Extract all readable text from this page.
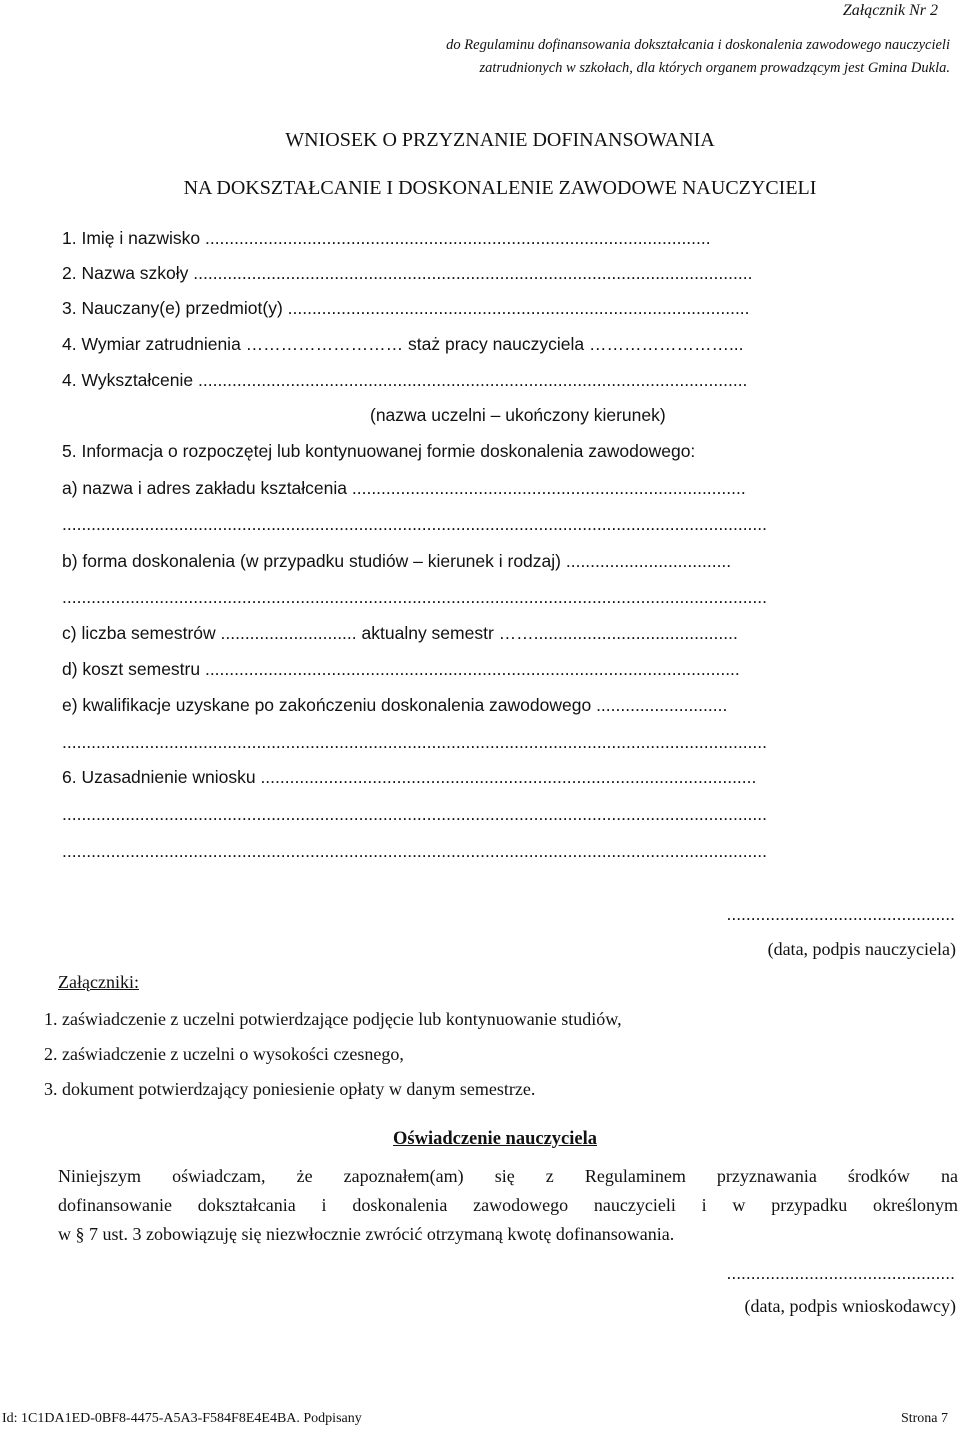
Załącznik Nr 2
do Regulaminu dofinansowania dokształcania i doskonalenia zawodowego nauczycieli
zatrudnionych w szkołach, dla których organem prowadzącym jest Gmina Dukla.
WNIOSEK O PRZYZNANIE DOFINANSOWANIA
NA DOKSZTAŁCANIE I DOSKONALENIE ZAWODOWE NAUCZYCIELI
1. Imię i nazwisko ........................................................................................................
2. Nazwa szkoły ...................................................................................................................
3. Nauczany(e) przedmiot(y) ...............................................................................................
4. Wymiar zatrudnienia ……………………… staż pracy nauczyciela ……………………...
4. Wykształcenie .................................................................................................................
(nazwa uczelni – ukończony kierunek)
5. Informacja o rozpoczętej lub kontynuowanej formie doskonalenia zawodowego:
a) nazwa i adres zakładu kształcenia .................................................................................
.................................................................................................................................................
b) forma doskonalenia (w przypadku studiów – kierunek i rodzaj) ..................................
.................................................................................................................................................
c) liczba semestrów ............................ aktualny semestr ……..........................................
d) koszt semestru ..............................................................................................................
e) kwalifikacje uzyskane po zakończeniu doskonalenia zawodowego ...........................
.................................................................................................................................................
6. Uzasadnienie wniosku ......................................................................................................
.................................................................................................................................................
.................................................................................................................................................
...............................................
(data, podpis nauczyciela)
Załączniki:
1. zaświadczenie z uczelni potwierdzające podjęcie lub kontynuowanie studiów,
2. zaświadczenie z uczelni o wysokości czesnego,
3. dokument potwierdzający poniesienie opłaty w danym semestrze.
Oświadczenie nauczyciela
Niniejszym oświadczam, że zapoznałem(am) się z Regulaminem przyznawania środków na
dofinansowanie dokształcania i doskonalenia zawodowego nauczycieli i w przypadku określonym
w § 7 ust. 3 zobowiązuję się niezwłocznie zwrócić otrzymaną kwotę dofinansowania.
...............................................
(data, podpis wnioskodawcy)
Id: 1C1DA1ED-0BF8-4475-A5A3-F584F8E4E4BA. Podpisany	Strona 7
